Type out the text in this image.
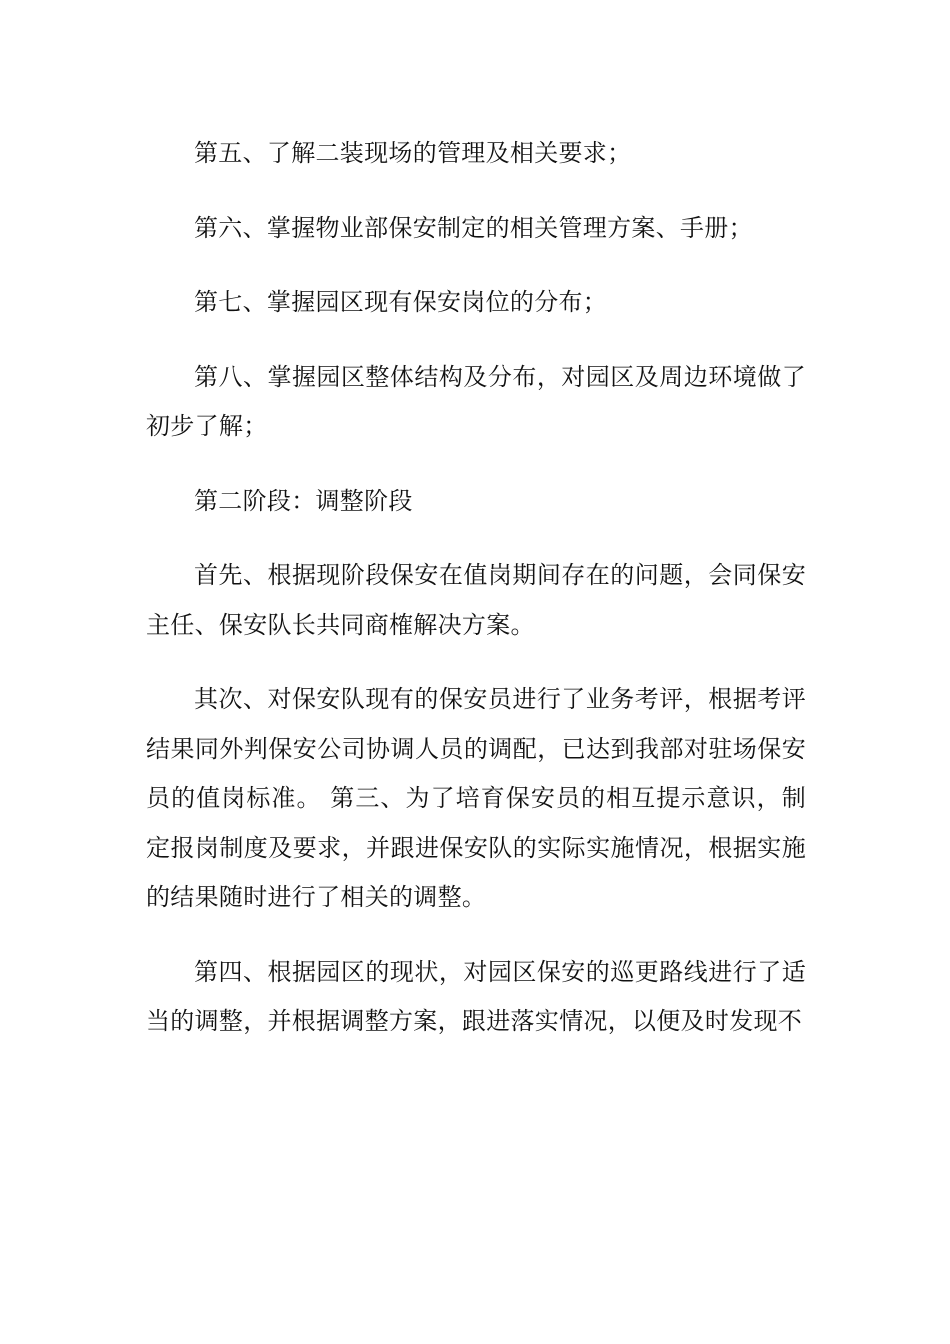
第五、了解二装现场的管理及相关要求；

第六、掌握物业部保安制定的相关管理方案、手册；

第七、掌握园区现有保安岗位的分布；

第八、掌握园区整体结构及分布，对园区及周边环境做了初步了解；

第二阶段：调整阶段

首先、根据现阶段保安在值岗期间存在的问题，会同保安主任、保安队长共同商榷解决方案。

其次、对保安队现有的保安员进行了业务考评，根据考评结果同外判保安公司协调人员的调配，已达到我部对驻场保安员的值岗标准。 第三、为了培育保安员的相互提示意识，制定报岗制度及要求，并跟进保安队的实际实施情况，根据实施的结果随时进行了相关的调整。

第四、根据园区的现状，对园区保安的巡更路线进行了适当的调整，并根据调整方案，跟进落实情况，以便及时发现不
